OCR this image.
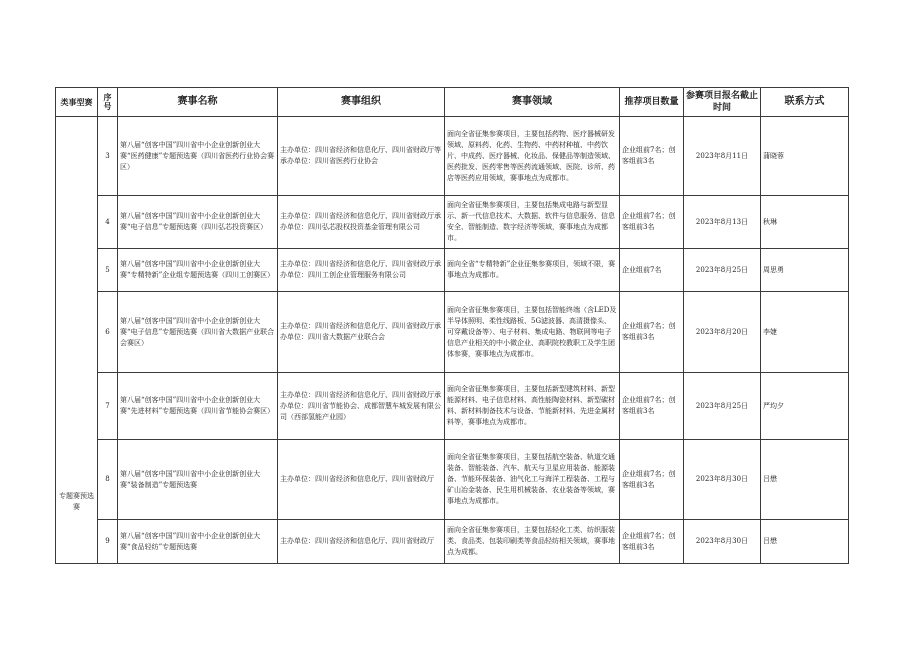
类事型赛	序号	赛事名称	赛事组织	赛事领域	推荐项目数量	参赛项目报名截止时间	联系方式

专题赛预选赛	3	第八届“创客中国”四川省中小企业创新创业大赛“医药健康”专题预选赛（四川省医药行业协会赛区）	主办单位：四川省经济和信息化厅、四川省财政厅等承办单位：四川省医药行业协会	面向全省征集参赛项目，主要包括药物、医疗器械研发领域、原料药、化药、生物药、中药材种植、中药饮片、中成药、医疗器械、化妆品、保健品等制造领域、医药批发、医药零售等医药流通领域、医院、诊所、药店等医药应用领域，赛事地点为成都市。	企业组前7名；创客组前3名	2023年8月11日	蒲晓蓉
	4	第八届“创客中国”四川省中小企业创新创业大赛“电子信息”专题预选赛（四川弘芯投资赛区）	主办单位：四川省经济和信息化厅、四川省财政厅承办单位：四川弘芯股权投资基金管理有限公司	面向全省征集参赛项目，主要包括集成电路与新型显示、新一代信息技术、大数据、软件与信息服务、信息安全、智能制造、数字经济等领域，赛事地点为成都市。	企业组前7名；创客组前3名	2023年8月13日	秋琳
	5	第八届“创客中国”四川省中小企业创新创业大赛“专精特新”企业组专题预选赛（四川工创赛区）	主办单位：四川省经济和信息化厅、四川省财政厅承办单位：四川工创企业管理服务有限公司	面向全省“专精特新”企业征集参赛项目，领域不限，赛事地点为成都市。	企业组前7名	2023年8月25日	周思勇
	6	第八届“创客中国”四川省中小企业创新创业大赛“电子信息”专题预选赛（四川省大数据产业联合会赛区）	主办单位：四川省经济和信息化厅、四川省财政厅承办单位：四川省大数据产业联合会	面向全省征集参赛项目，主要包括智能终端（含LED及半导体照明、柔性线路板、5G滤波器、高清摄像头、可穿戴设备等）、电子材料、集成电路、物联网等电子信息产业相关的中小微企业、高职院校教职工及学生团体参赛，赛事地点为成都市。	企业组前7名；创客组前3名	2023年8月20日	李婕
	7	第八届“创客中国”四川省中小企业创新创业大赛“先进材料”专题预选赛（四川省节能协会赛区）	主办单位：四川省经济和信息化厅、四川省财政厅承办单位：四川省节能协会、成都智慧车城发展有限公司（西部氢能产业园）	面向全省征集参赛项目，主要包括新型建筑材料、新型能源材料、电子信息材料、高性能陶瓷材料、新型碳材料、新材料制备技术与设备、节能新材料、先进金属材料等，赛事地点为成都市。	企业组前7名；创客组前3名	2023年8月25日	严均夕
	8	第八届“创客中国”四川省中小企业创新创业大赛“装备制造”专题预选赛	主办单位：四川省经济和信息化厅、四川省财政厅	面向全省征集参赛项目，主要包括航空装备、轨道交通装备、智能装备、汽车、航天与卫星应用装备、能源装备、节能环保装备、油气化工与海洋工程装备、工程与矿山冶金装备、民生用机械装备、农业装备等领域，赛事地点为成都市。	企业组前7名；创客组前3名	2023年8月30日	吕懋
	9	第八届“创客中国”四川省中小企业创新创业大赛“食品轻纺”专题预选赛	主办单位：四川省经济和信息化厅、四川省财政厅	面向全省征集参赛项目，主要包括轻化工类、纺织服装类、食品类、包装印刷类等食品轻纺相关领域，赛事地点为成都。	企业组前7名；创客组前3名	2023年8月30日	吕懋
